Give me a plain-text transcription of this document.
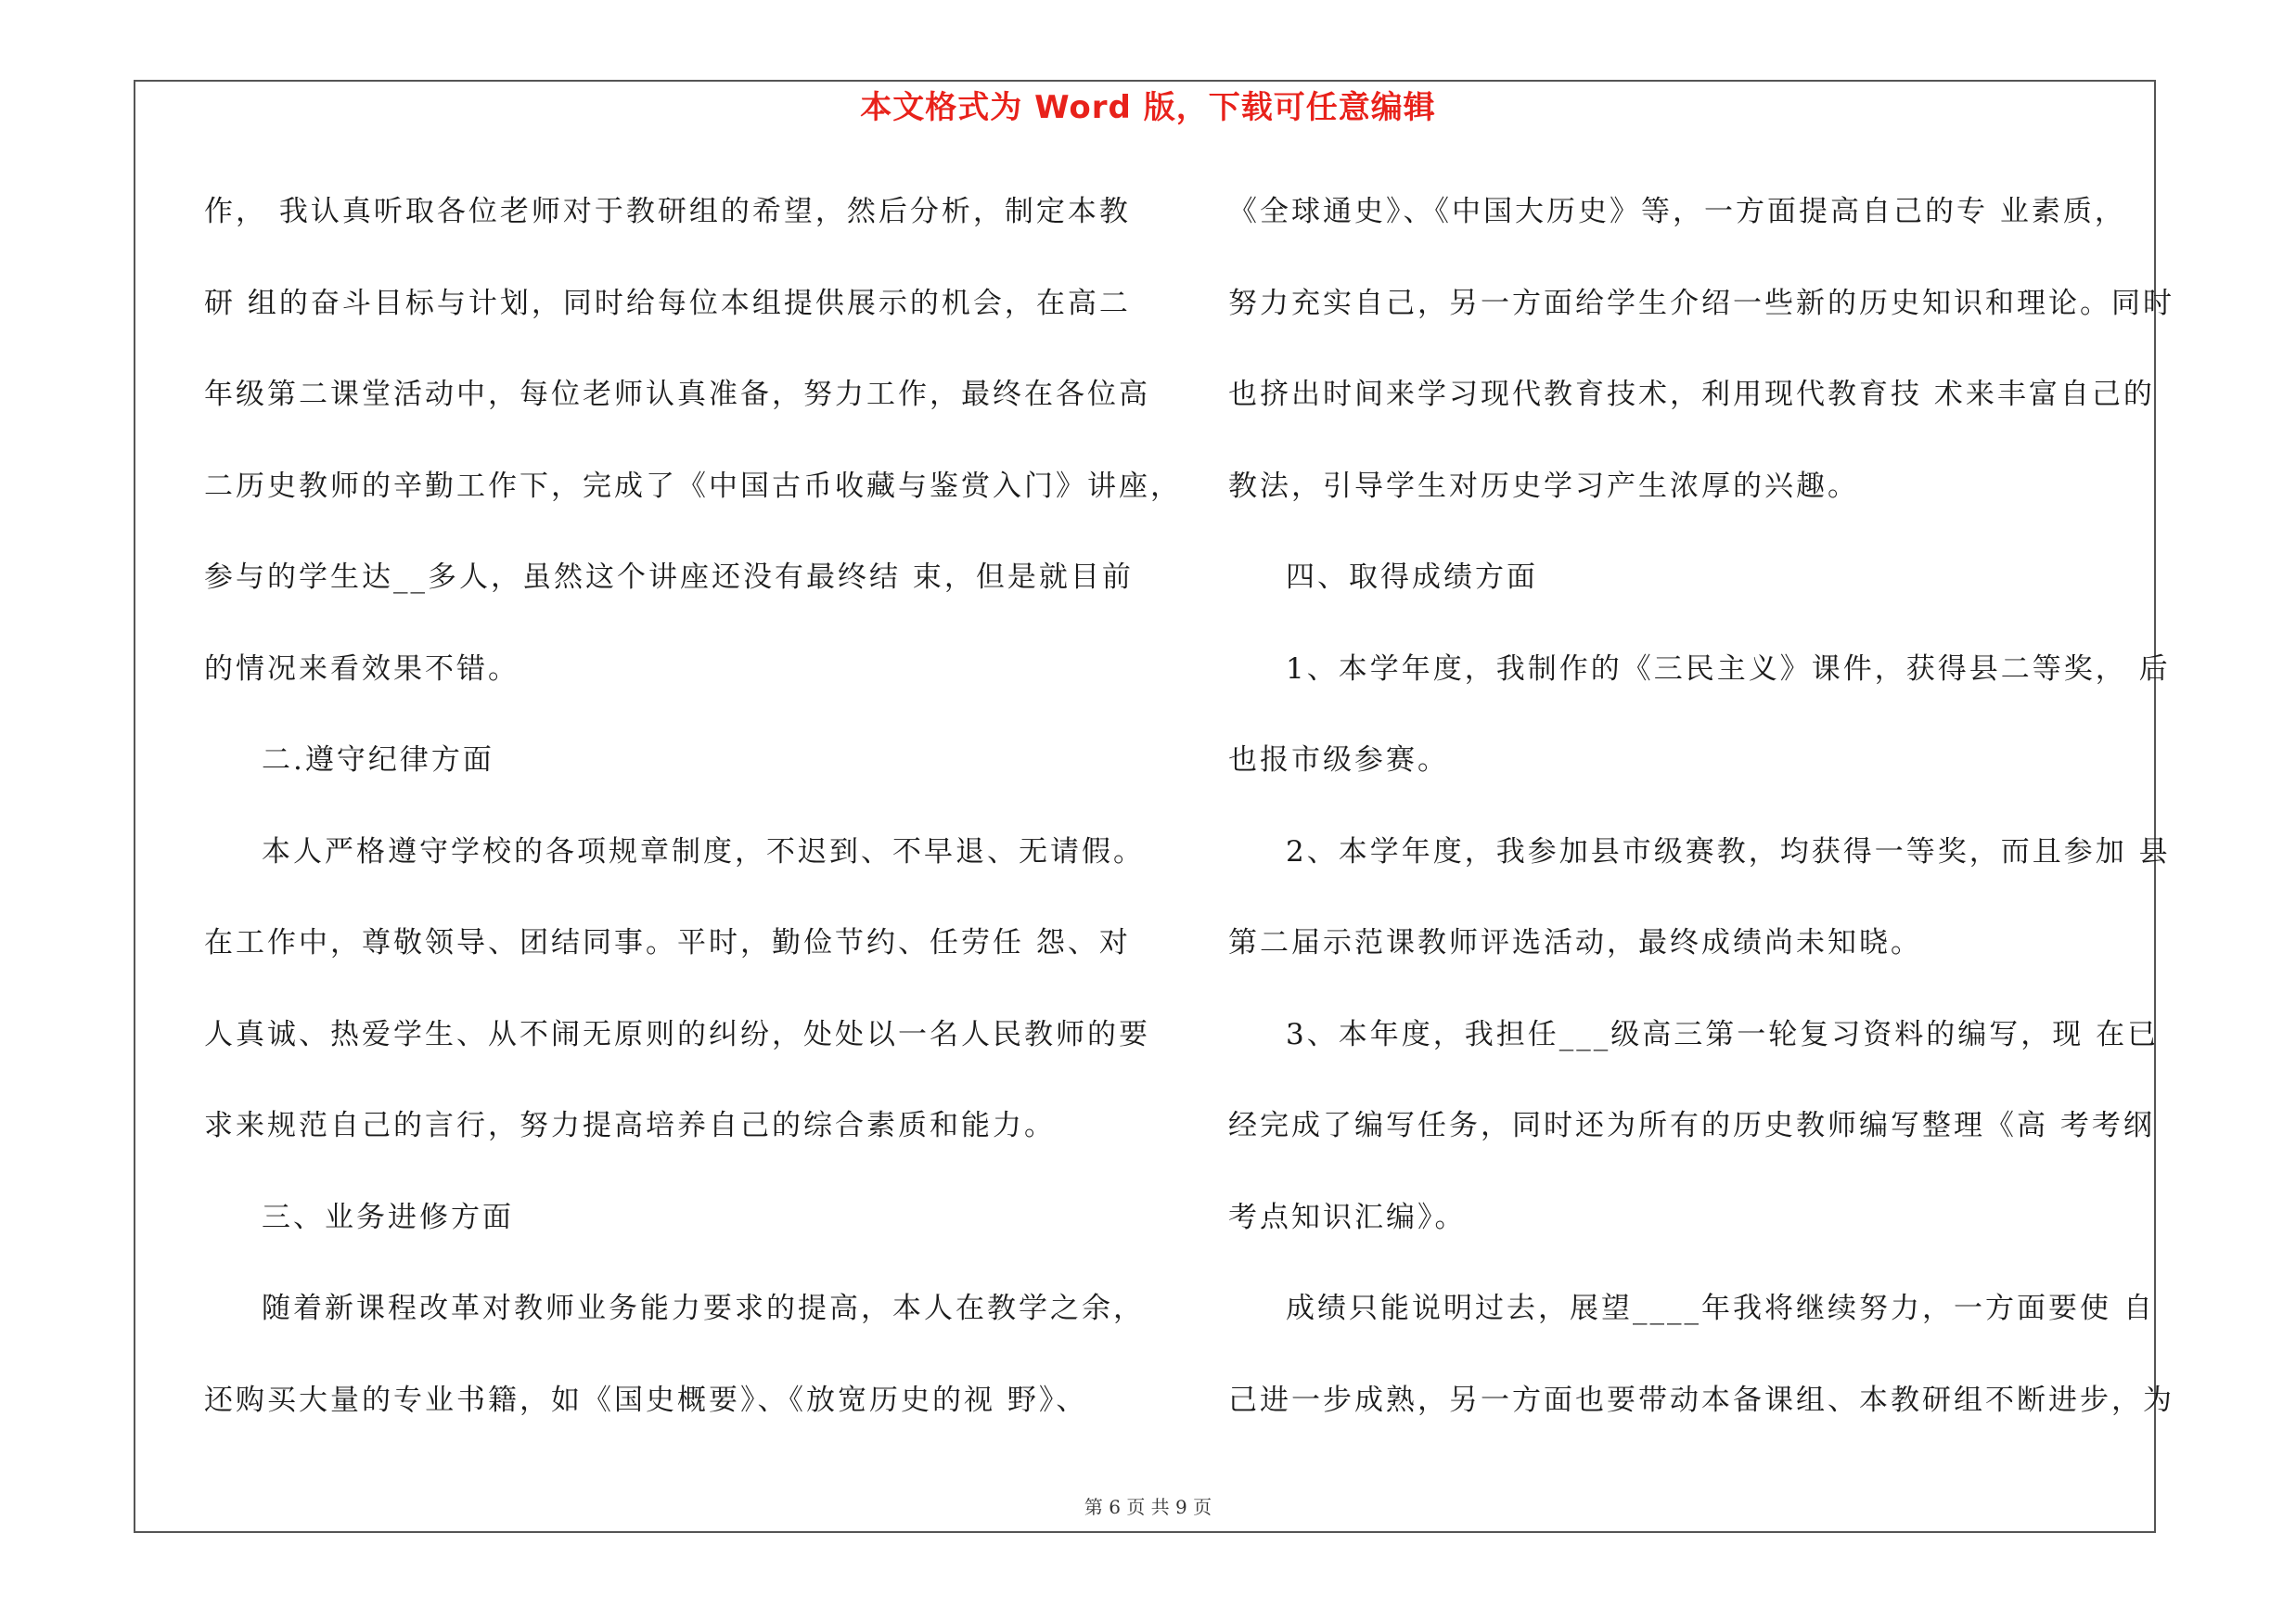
本文格式为 Word 版，下载可任意编辑
作， 我认真听取各位老师对于教研组的希望，然后分析，制定本教
研 组的奋斗目标与计划，同时给每位本组提供展示的机会，在高二
年级第二课堂活动中，每位老师认真准备，努力工作，最终在各位高
二历史教师的辛勤工作下，完成了《中国古币收藏与鉴赏入门》讲座，
参与的学生达__多人，虽然这个讲座还没有最终结 束，但是就目前
的情况来看效果不错。
二.遵守纪律方面
本人严格遵守学校的各项规章制度，不迟到、不早退、无请假。
在工作中，尊敬领导、团结同事。平时，勤俭节约、任劳任 怨、对
人真诚、热爱学生、从不闹无原则的纠纷，处处以一名人民教师的要
求来规范自己的言行，努力提高培养自己的综合素质和能力。
三、业务进修方面
随着新课程改革对教师业务能力要求的提高，本人在教学之余，
还购买大量的专业书籍，如《国史概要》、《放宽历史的视 野》、
《全球通史》、《中国大历史》等，一方面提高自己的专 业素质，
努力充实自己，另一方面给学生介绍一些新的历史知识和理论。同时
也挤出时间来学习现代教育技术，利用现代教育技 术来丰富自己的
教法，引导学生对历史学习产生浓厚的兴趣。
四、取得成绩方面
1、本学年度，我制作的《三民主义》课件，获得县二等奖， 后
也报市级参赛。
2、本学年度，我参加县市级赛教，均获得一等奖，而且参加 县
第二届示范课教师评选活动，最终成绩尚未知晓。
3、本年度，我担任___级高三第一轮复习资料的编写，现 在已
经完成了编写任务，同时还为所有的历史教师编写整理《高 考考纲
考点知识汇编》。
成绩只能说明过去，展望____年我将继续努力，一方面要使 自
己进一步成熟，另一方面也要带动本备课组、本教研组不断进步，为
第 6 页 共 9 页
